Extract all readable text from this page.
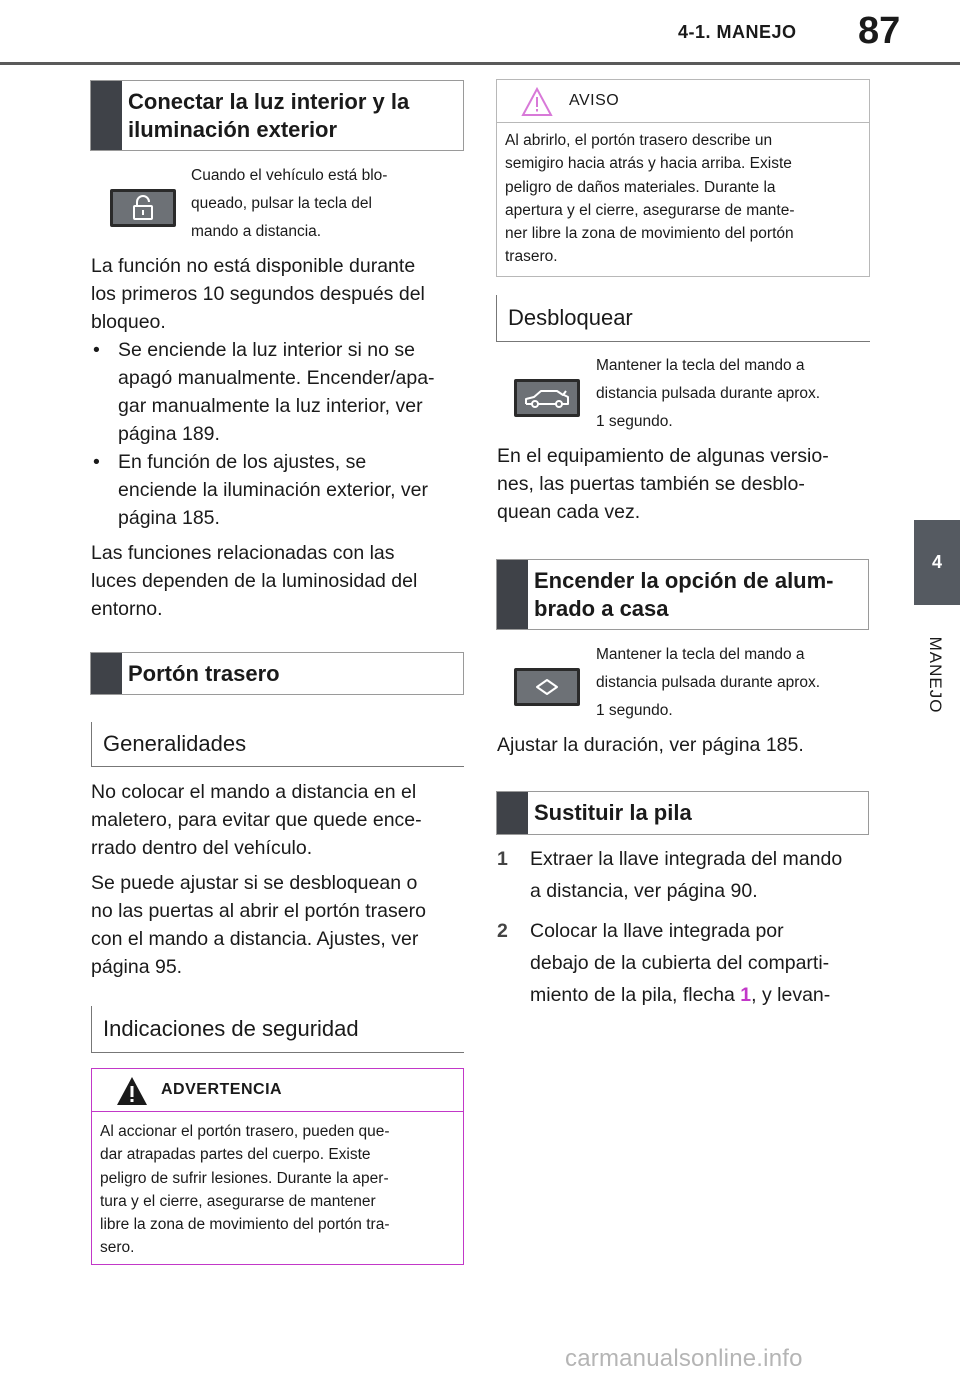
4-1. MANEJO 87
4
MANEJO
Conectar la luz interior y la iluminación exterior
Cuando el vehículo está blo-
queado, pulsar la tecla del
mando a distancia.
La función no está disponible durante
los primeros 10 segundos después del
bloqueo.
• Se enciende la luz interior si no se
apagó manualmente. Encender/apa-
gar manualmente la luz interior, ver
página 189.
• En función de los ajustes, se
enciende la iluminación exterior, ver
página 185.
Las funciones relacionadas con las
luces dependen de la luminosidad del
entorno.
Portón trasero
Generalidades
No colocar el mando a distancia en el
maletero, para evitar que quede ence-
rrado dentro del vehículo.
Se puede ajustar si se desbloquean o
no las puertas al abrir el portón trasero
con el mando a distancia. Ajustes, ver
página 95.
Indicaciones de seguridad
ADVERTENCIA
Al accionar el portón trasero, pueden que-
dar atrapadas partes del cuerpo. Existe
peligro de sufrir lesiones. Durante la aper-
tura y el cierre, asegurarse de mantener
libre la zona de movimiento del portón tra-
sero.
AVISO
Al abrirlo, el portón trasero describe un
semigiro hacia atrás y hacia arriba. Existe
peligro de daños materiales. Durante la
apertura y el cierre, asegurarse de mante-
ner libre la zona de movimiento del portón
trasero.
Desbloquear
Mantener la tecla del mando a
distancia pulsada durante aprox.
1 segundo.
En el equipamiento de algunas versio-
nes, las puertas también se desblo-
quean cada vez.
Encender la opción de alum-brado a casa
Mantener la tecla del mando a
distancia pulsada durante aprox.
1 segundo.
Ajustar la duración, ver página 185.
Sustituir la pila
1 Extraer la llave integrada del mando
a distancia, ver página 90.
2 Colocar la llave integrada por
debajo de la cubierta del comparti-
miento de la pila, flecha 1, y levan-
carmanualsonline.info
